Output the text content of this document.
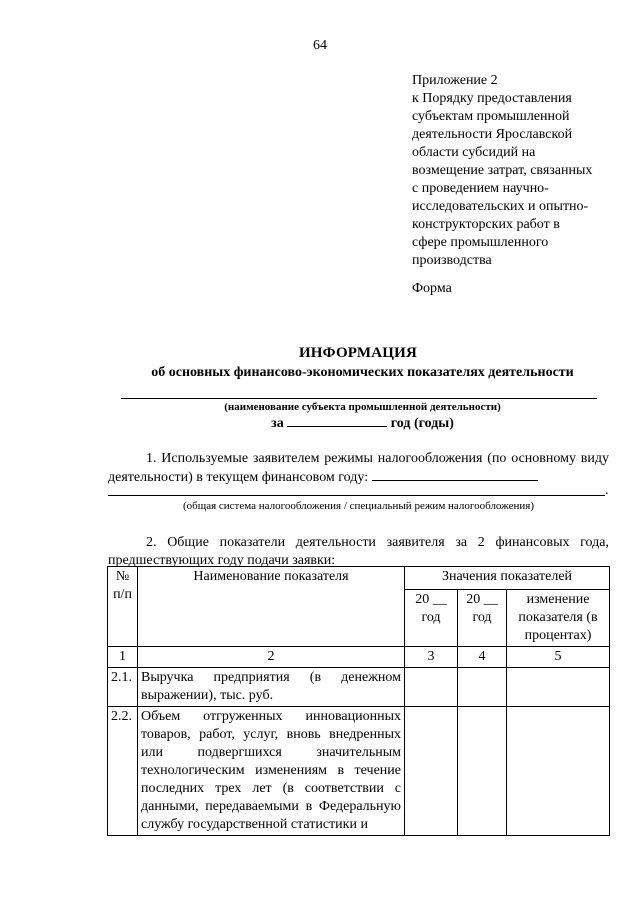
64
Приложение 2
к Порядку предоставления
субъектам промышленной
деятельности Ярославской
области субсидий на
возмещение затрат, связанных
с проведением научно-
исследовательских и опытно-
конструкторских работ в
сфере промышленного
производства
Форма
ИНФОРМАЦИЯ
об основных финансово-экономических показателях деятельности
(наименование субъекта промышленной деятельности)
за	год (годы)
1. Используемые заявителем режимы налогообложения (по основному виду деятельности) в текущем финансовом году:
.
(общая система налогообложения / специальный режим налогообложения)
2. Общие показатели деятельности заявителя за 2 финансовых года, предшествующих году подачи заявки:
№ п/п	Наименование показателя	Значения показателей		
		20 __ год	20 __ год	изменение показателя (в процентах)
1	2	3	4	5
2.1.	Выручка предприятия (в денежном выражении), тыс. руб.			
2.2.	Объем отгруженных инновационных товаров, работ, услуг, вновь внедренных или подвергшихся значительным технологическим изменениям в течение последних трех лет (в соответствии с данными, передаваемыми в Федеральную службу государственной статистики и			
